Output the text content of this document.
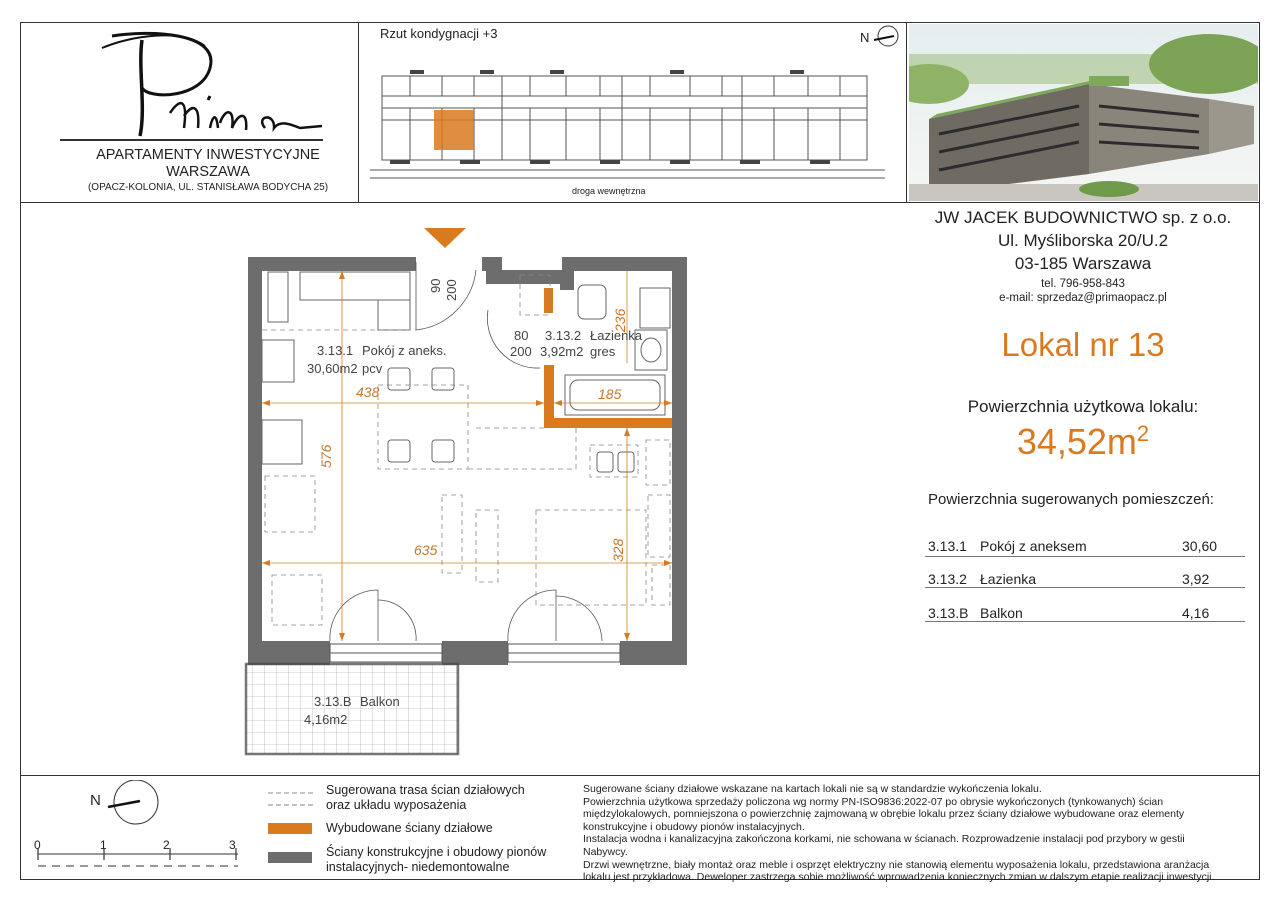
APARTAMENTY INWESTYCYJNE
WARSZAWA
(OPACZ-KOLONIA, UL. STANISŁAWA BODYCHA 25)
Rzut kondygnacji +3	N
droga wewnętrzna
JW JACEK BUDOWNICTWO sp. z o.o.
Ul. Myśliborska 20/U.2
03-185 Warszawa
tel. 796-958-843
e-mail: sprzedaz@primaopacz.pl
Lokal nr 13
Powierzchnia użytkowa lokalu:
$34,52m^2$
Powierzchnia sugerowanych pomieszczeń:
3.13.1 Pokój z aneksem	30,60
3.13.2 Łazienka	3,92
3.13.B Balkon	4,16
3.13.1 Pokój z aneks.
30,60m2 pcv
3.13.2 Łazienka
3,92m2 gres
90 200
80
200
438	185
236
576
635	328
3.13.B Balkon
4,16m2
N
0	1	2	3
Sugerowana trasa ścian działowych
oraz układu wyposażenia
Wybudowane ściany działowe
Ściany konstrukcyjne i obudowy pionów
instalacyjnych- niedemontowalne
Sugerowane ściany działowe wskazane na kartach lokali nie są w standardzie wykończenia lokalu.
Powierzchnia użytkowa sprzedaży policzona wg normy PN-ISO9836:2022-07 po obrysie wykończonych (tynkowanych) ścian
międzylokalowych, pomniejszona o powierzchnię zajmowaną w obrębie lokalu przez ściany działowe wybudowane oraz elementy
konstrukcyjne i obudowy pionów instalacyjnych.
Instalacja wodna i kanalizacyjna zakończona korkami, nie schowana w ścianach. Rozprowadzenie instalacji pod przybory w gestii Nabywcy.
Drzwi wewnętrzne, biały montaż oraz meble i osprzęt elektryczny nie stanowią elementu wyposażenia lokalu, przedstawiona aranżacja
lokalu jest przykładowa. Deweloper zastrzega sobie możliwość wprowadzenia koniecznych zmian w dalszym etapie realizacji inwestycji.
